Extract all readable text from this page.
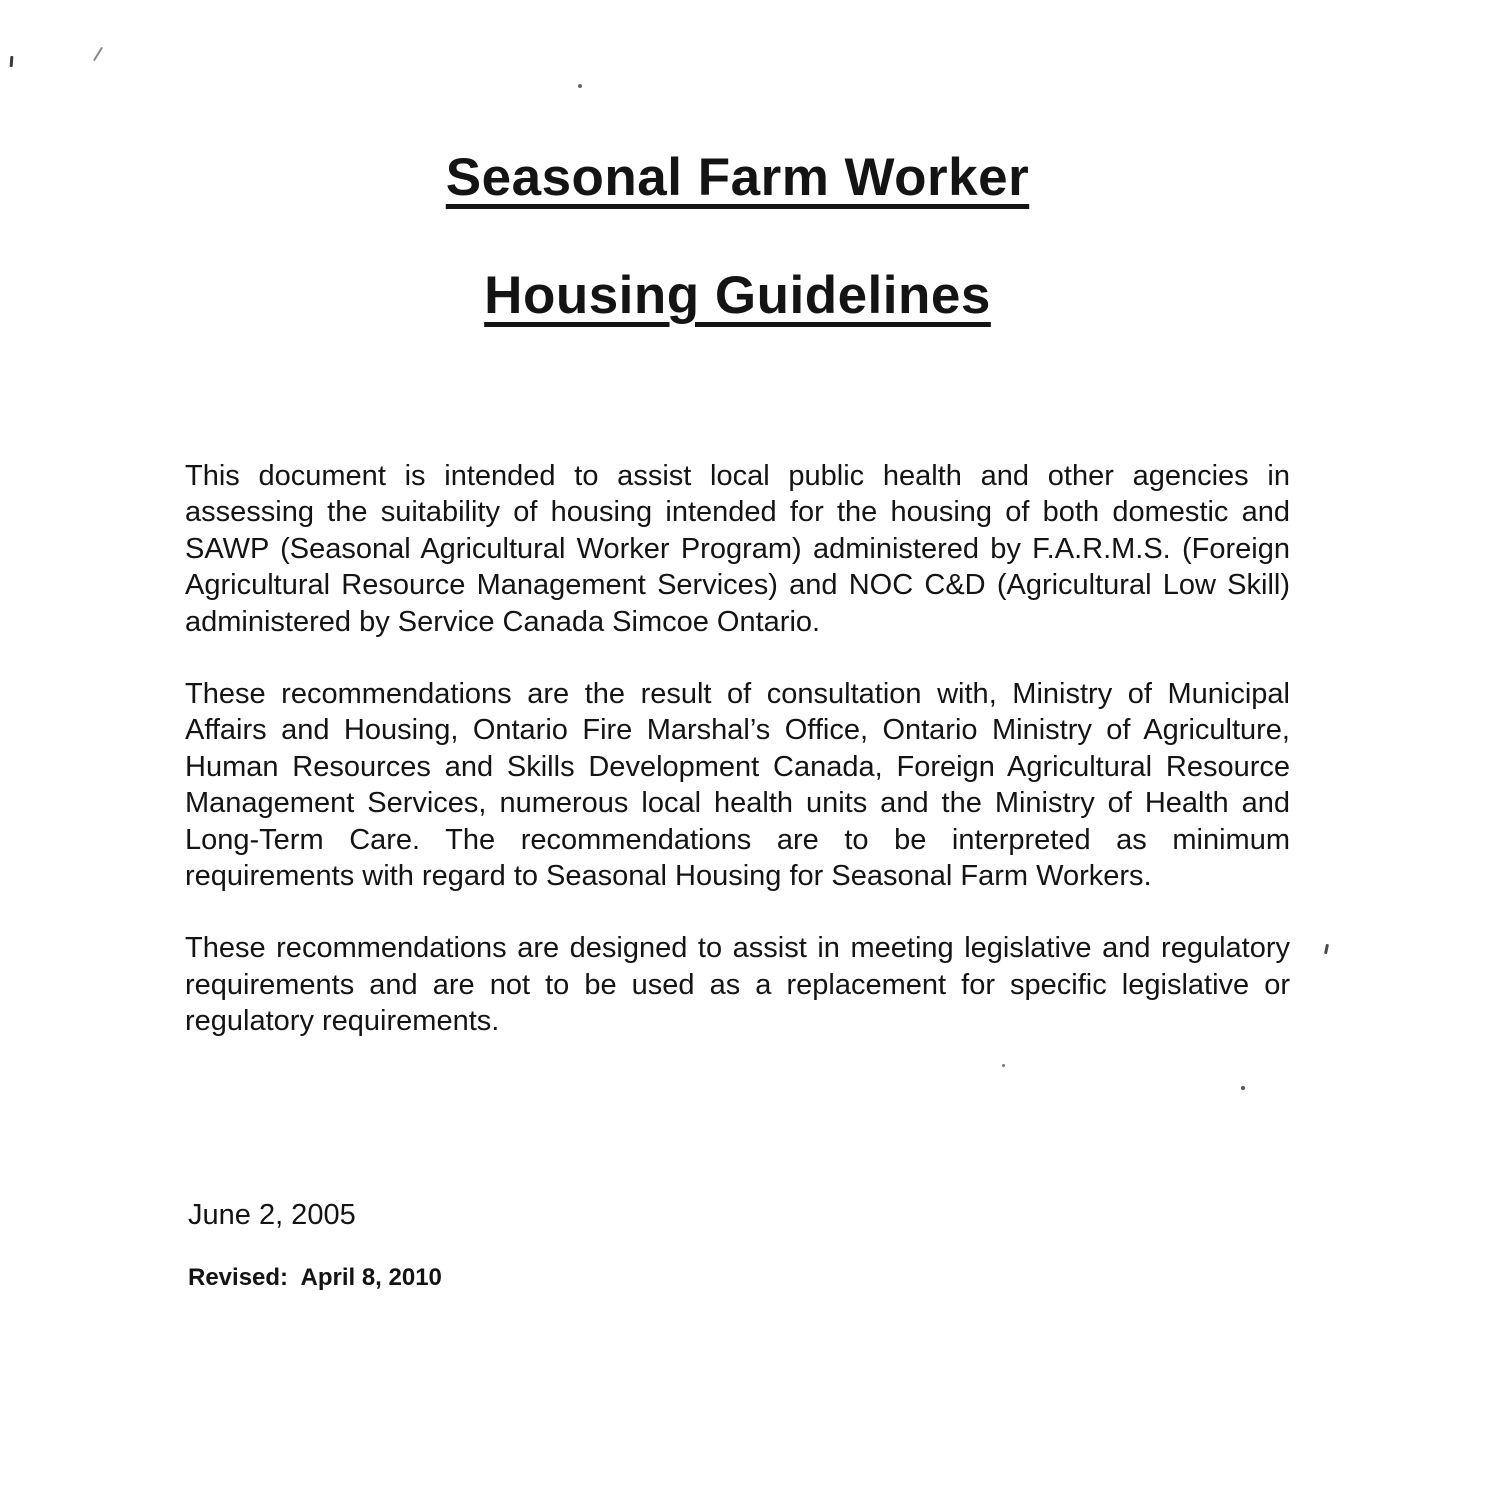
Seasonal Farm Worker
Housing Guidelines

This document is intended to assist local public health and other agencies in assessing the suitability of housing intended for the housing of both domestic and SAWP (Seasonal Agricultural Worker Program) administered by F.A.R.M.S. (Foreign Agricultural Resource Management Services) and NOC C&D (Agricultural Low Skill) administered by Service Canada Simcoe Ontario.

These recommendations are the result of consultation with, Ministry of Municipal Affairs and Housing, Ontario Fire Marshal’s Office, Ontario Ministry of Agriculture, Human Resources and Skills Development Canada, Foreign Agricultural Resource Management Services, numerous local health units and the Ministry of Health and Long-Term Care. The recommendations are to be interpreted as minimum requirements with regard to Seasonal Housing for Seasonal Farm Workers.

These recommendations are designed to assist in meeting legislative and regulatory requirements and are not to be used as a replacement for specific legislative or regulatory requirements.

June 2, 2005

Revised:  April 8, 2010
